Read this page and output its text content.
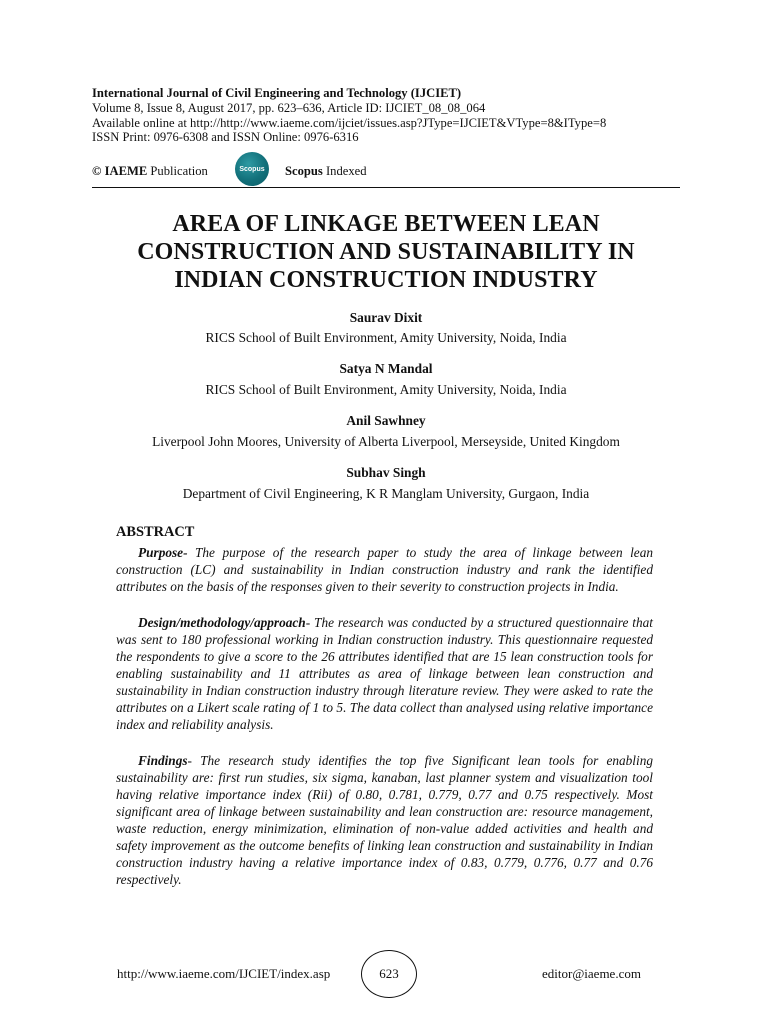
International Journal of Civil Engineering and Technology (IJCIET)
Volume 8, Issue 8, August 2017, pp. 623–636, Article ID: IJCIET_08_08_064
Available online at http://http://www.iaeme.com/ijciet/issues.asp?JType=IJCIET&VType=8&IType=8
ISSN Print: 0976-6308 and ISSN Online: 0976-6316
© IAEME Publication	Scopus Scopus Indexed
AREA OF LINKAGE BETWEEN LEAN
CONSTRUCTION AND SUSTAINABILITY IN
INDIAN CONSTRUCTION INDUSTRY
Saurav Dixit
RICS School of Built Environment, Amity University, Noida, India
Satya N Mandal
RICS School of Built Environment, Amity University, Noida, India
Anil Sawhney
Liverpool John Moores, University of Alberta Liverpool, Merseyside, United Kingdom
Subhav Singh
Department of Civil Engineering, K R Manglam University, Gurgaon, India
ABSTRACT

Purpose- The purpose of the research paper to study the area of linkage between lean construction (LC) and sustainability in Indian construction industry and rank the identified attributes on the basis of the responses given to their severity to construction projects in India.

Design/methodology/approach- The research was conducted by a structured questionnaire that was sent to 180 professional working in Indian construction industry. This questionnaire requested the respondents to give a score to the 26 attributes identified that are 15 lean construction tools for enabling sustainability and 11 attributes as area of linkage between lean construction and sustainability in Indian construction industry through literature review. They were asked to rate the attributes on a Likert scale rating of 1 to 5. The data collect than analysed using relative importance index and reliability analysis.

Findings- The research study identifies the top five Significant lean tools for enabling sustainability are: first run studies, six sigma, kanaban, last planner system and visualization tool having relative importance index (Rii) of 0.80, 0.781, 0.779, 0.77 and 0.75 respectively. Most significant area of linkage between sustainability and lean construction are: resource management, waste reduction, energy minimization, elimination of non-value added activities and health and safety improvement as the outcome benefits of linking lean construction and sustainability in Indian construction industry having a relative importance index of 0.83, 0.779, 0.776, 0.77 and 0.76 respectively.

http://www.iaeme.com/IJCIET/index.asp	623	editor@iaeme.com
